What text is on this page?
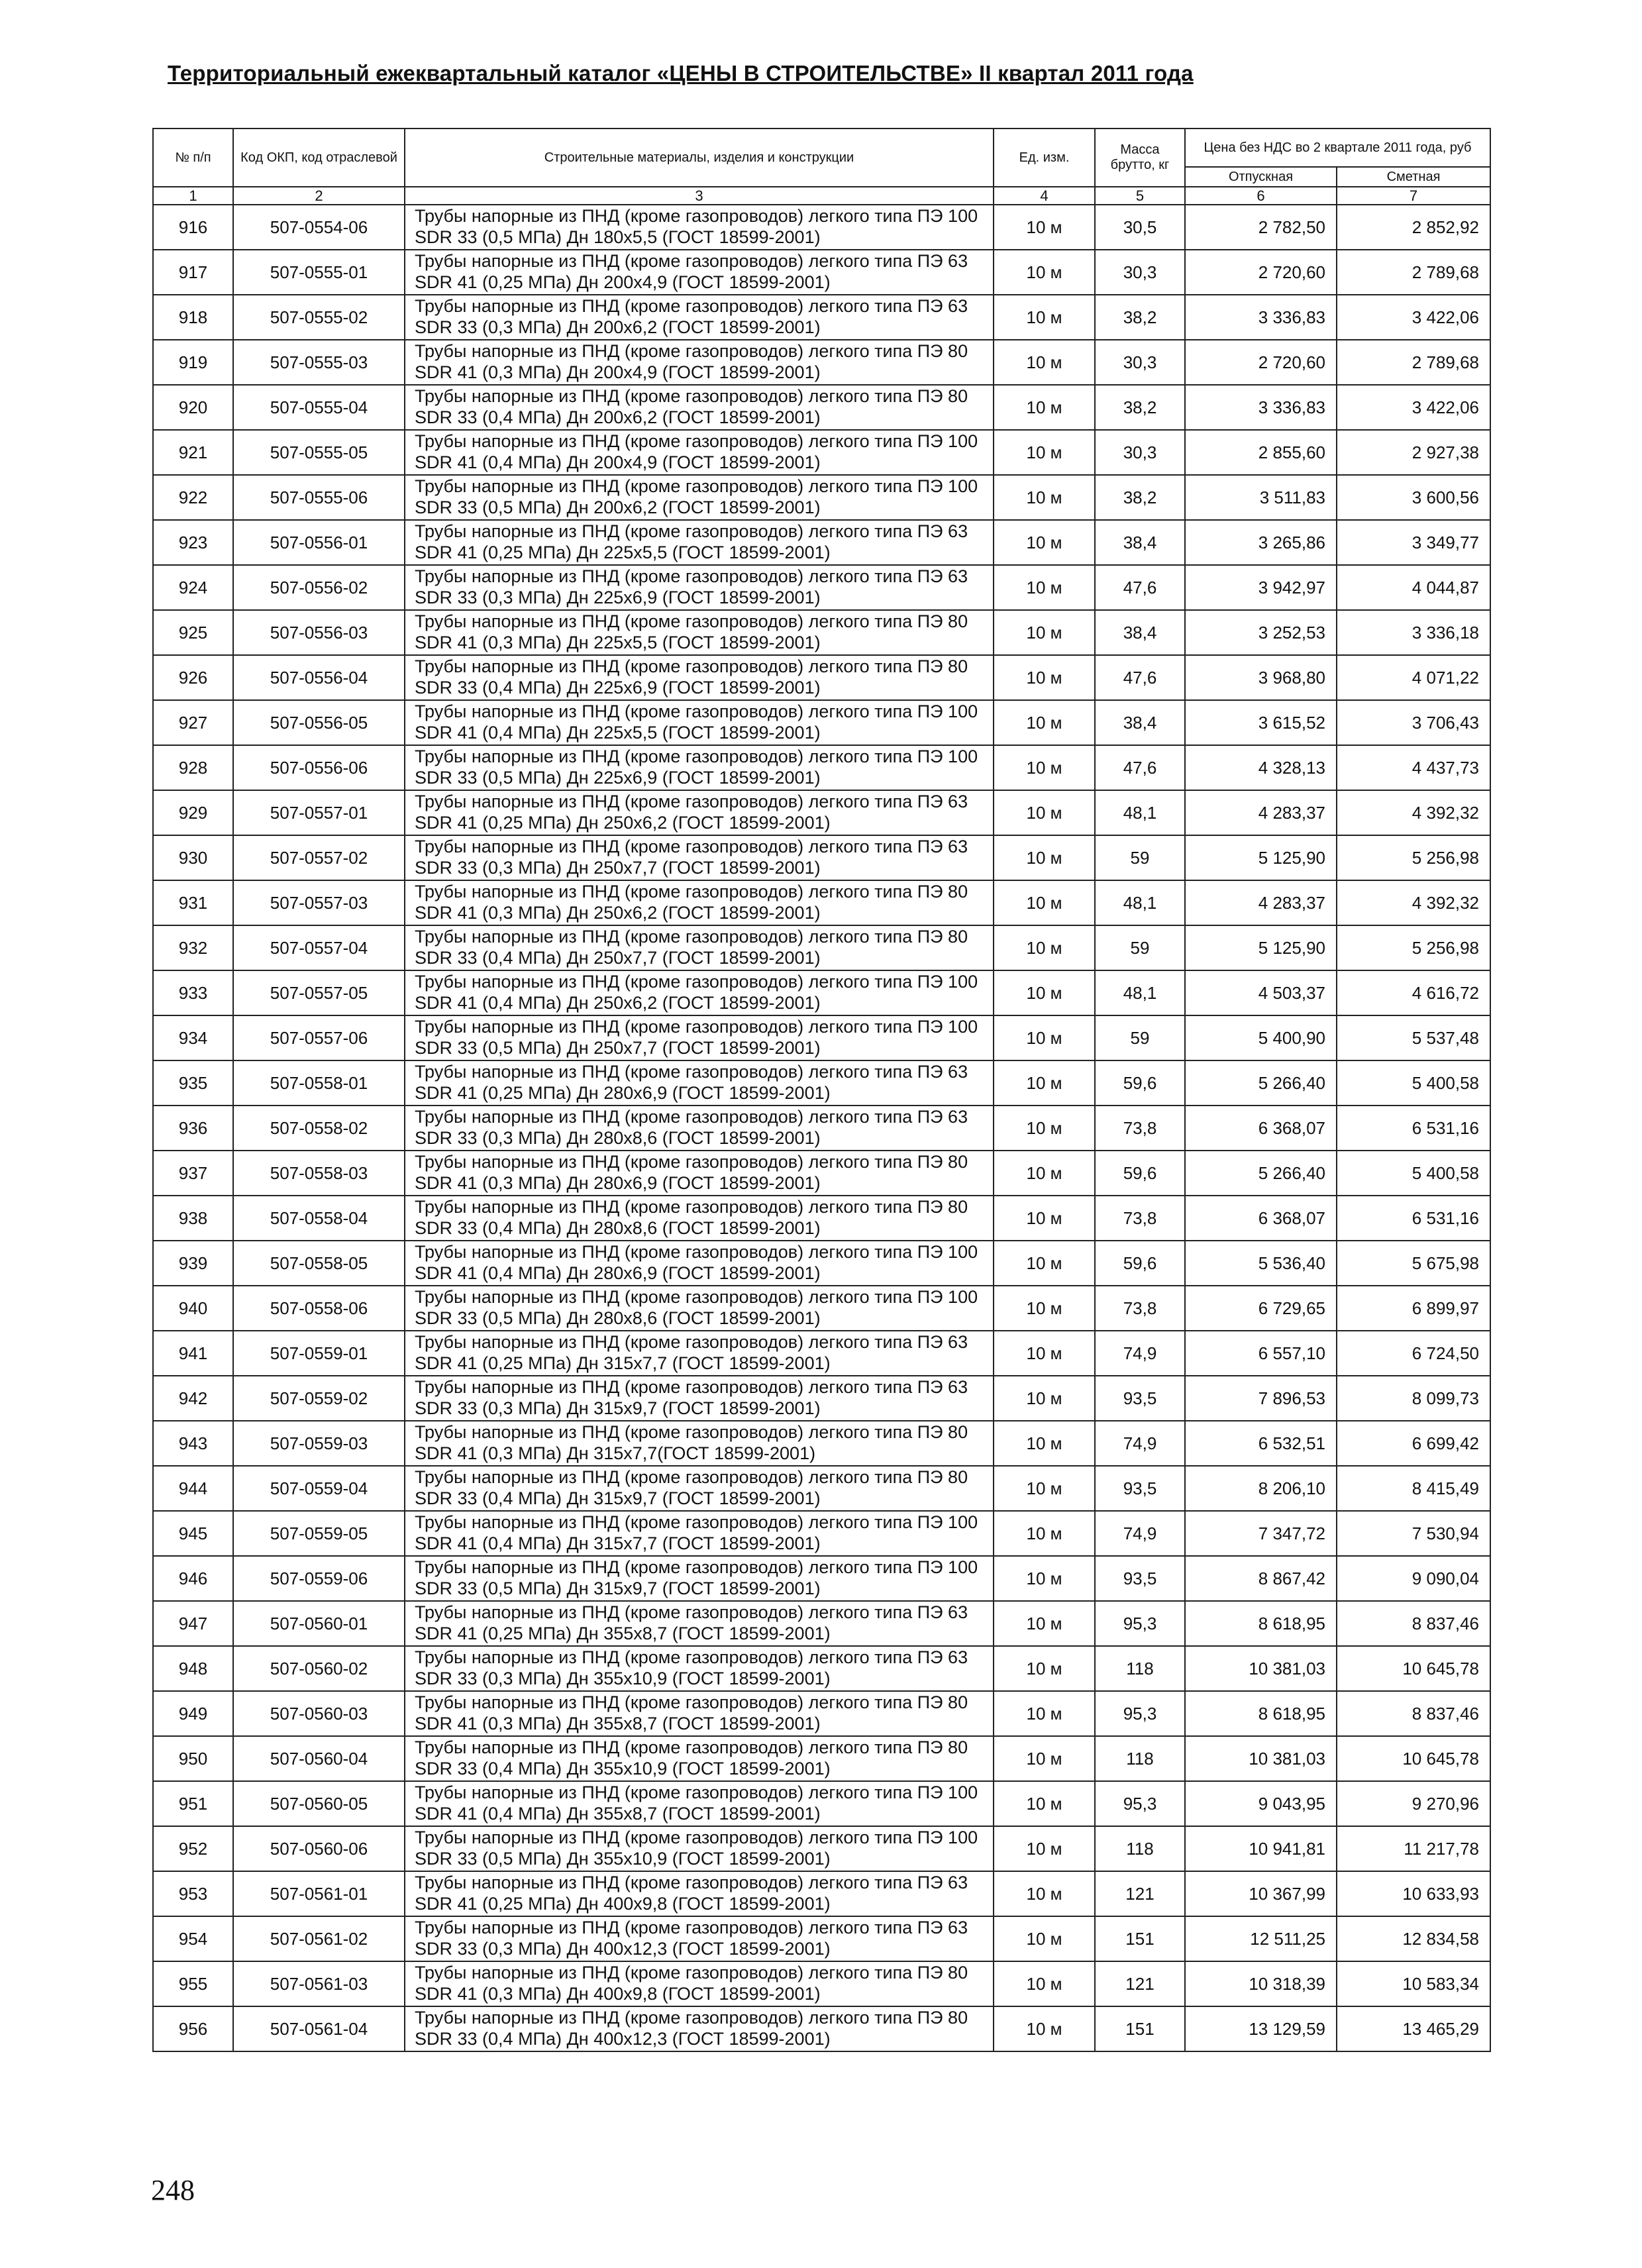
Территориальный ежеквартальный каталог «ЦЕНЫ В СТРОИТЕЛЬСТВЕ» II квартал 2011 года
№ п/п	Код ОКП, код отраслевой	Строительные материалы, изделия и конструкции	Ед. изм.	Масса брутто, кг	Цена без НДС во 2 квартале 2011 года, руб	
					Отпускная	Сметная
1	2	3	4	5	6	7
916	507-0554-06	Трубы напорные из ПНД (кроме газопроводов) легкого типа ПЭ 100 SDR 33 (0,5 МПа) Дн 180х5,5 (ГОСТ 18599-2001)	10 м	30,5	2 782,50	2 852,92
917	507-0555-01	Трубы напорные из ПНД (кроме газопроводов) легкого типа ПЭ 63 SDR 41 (0,25 МПа) Дн 200х4,9 (ГОСТ 18599-2001)	10 м	30,3	2 720,60	2 789,68
918	507-0555-02	Трубы напорные из ПНД (кроме газопроводов) легкого типа ПЭ 63 SDR 33 (0,3 МПа) Дн 200х6,2 (ГОСТ 18599-2001)	10 м	38,2	3 336,83	3 422,06
919	507-0555-03	Трубы напорные из ПНД (кроме газопроводов) легкого типа ПЭ 80 SDR 41 (0,3 МПа) Дн 200х4,9 (ГОСТ 18599-2001)	10 м	30,3	2 720,60	2 789,68
920	507-0555-04	Трубы напорные из ПНД (кроме газопроводов) легкого типа ПЭ 80 SDR 33 (0,4 МПа) Дн 200х6,2 (ГОСТ 18599-2001)	10 м	38,2	3 336,83	3 422,06
921	507-0555-05	Трубы напорные из ПНД (кроме газопроводов) легкого типа ПЭ 100 SDR 41 (0,4 МПа) Дн 200х4,9 (ГОСТ 18599-2001)	10 м	30,3	2 855,60	2 927,38
922	507-0555-06	Трубы напорные из ПНД (кроме газопроводов) легкого типа ПЭ 100 SDR 33 (0,5 МПа) Дн 200х6,2 (ГОСТ 18599-2001)	10 м	38,2	3 511,83	3 600,56
923	507-0556-01	Трубы напорные из ПНД (кроме газопроводов) легкого типа ПЭ 63 SDR 41 (0,25 МПа) Дн 225х5,5 (ГОСТ 18599-2001)	10 м	38,4	3 265,86	3 349,77
924	507-0556-02	Трубы напорные из ПНД (кроме газопроводов) легкого типа ПЭ 63 SDR 33 (0,3 МПа) Дн 225х6,9 (ГОСТ 18599-2001)	10 м	47,6	3 942,97	4 044,87
925	507-0556-03	Трубы напорные из ПНД (кроме газопроводов) легкого типа ПЭ 80 SDR 41 (0,3 МПа) Дн 225х5,5 (ГОСТ 18599-2001)	10 м	38,4	3 252,53	3 336,18
926	507-0556-04	Трубы напорные из ПНД (кроме газопроводов) легкого типа ПЭ 80 SDR 33 (0,4 МПа) Дн 225х6,9 (ГОСТ 18599-2001)	10 м	47,6	3 968,80	4 071,22
927	507-0556-05	Трубы напорные из ПНД (кроме газопроводов) легкого типа ПЭ 100 SDR 41 (0,4 МПа) Дн 225х5,5 (ГОСТ 18599-2001)	10 м	38,4	3 615,52	3 706,43
928	507-0556-06	Трубы напорные из ПНД (кроме газопроводов) легкого типа ПЭ 100 SDR 33 (0,5 МПа) Дн 225х6,9 (ГОСТ 18599-2001)	10 м	47,6	4 328,13	4 437,73
929	507-0557-01	Трубы напорные из ПНД (кроме газопроводов) легкого типа ПЭ 63 SDR 41 (0,25 МПа) Дн 250х6,2 (ГОСТ 18599-2001)	10 м	48,1	4 283,37	4 392,32
930	507-0557-02	Трубы напорные из ПНД (кроме газопроводов) легкого типа ПЭ 63 SDR 33 (0,3 МПа) Дн 250х7,7 (ГОСТ 18599-2001)	10 м	59	5 125,90	5 256,98
931	507-0557-03	Трубы напорные из ПНД (кроме газопроводов) легкого типа ПЭ 80 SDR 41 (0,3 МПа) Дн 250х6,2 (ГОСТ 18599-2001)	10 м	48,1	4 283,37	4 392,32
932	507-0557-04	Трубы напорные из ПНД (кроме газопроводов) легкого типа ПЭ 80 SDR 33 (0,4 МПа) Дн 250х7,7 (ГОСТ 18599-2001)	10 м	59	5 125,90	5 256,98
933	507-0557-05	Трубы напорные из ПНД (кроме газопроводов) легкого типа ПЭ 100 SDR 41 (0,4 МПа) Дн 250х6,2 (ГОСТ 18599-2001)	10 м	48,1	4 503,37	4 616,72
934	507-0557-06	Трубы напорные из ПНД (кроме газопроводов) легкого типа ПЭ 100 SDR 33 (0,5 МПа) Дн 250х7,7 (ГОСТ 18599-2001)	10 м	59	5 400,90	5 537,48
935	507-0558-01	Трубы напорные из ПНД (кроме газопроводов) легкого типа ПЭ 63 SDR 41 (0,25 МПа) Дн 280х6,9 (ГОСТ 18599-2001)	10 м	59,6	5 266,40	5 400,58
936	507-0558-02	Трубы напорные из ПНД (кроме газопроводов) легкого типа ПЭ 63 SDR 33 (0,3 МПа) Дн 280х8,6 (ГОСТ 18599-2001)	10 м	73,8	6 368,07	6 531,16
937	507-0558-03	Трубы напорные из ПНД (кроме газопроводов) легкого типа ПЭ 80 SDR 41 (0,3 МПа) Дн 280х6,9 (ГОСТ 18599-2001)	10 м	59,6	5 266,40	5 400,58
938	507-0558-04	Трубы напорные из ПНД (кроме газопроводов) легкого типа ПЭ 80 SDR 33 (0,4 МПа) Дн 280х8,6 (ГОСТ 18599-2001)	10 м	73,8	6 368,07	6 531,16
939	507-0558-05	Трубы напорные из ПНД (кроме газопроводов) легкого типа ПЭ 100 SDR 41 (0,4 МПа) Дн 280х6,9 (ГОСТ 18599-2001)	10 м	59,6	5 536,40	5 675,98
940	507-0558-06	Трубы напорные из ПНД (кроме газопроводов) легкого типа ПЭ 100 SDR 33 (0,5 МПа) Дн 280х8,6 (ГОСТ 18599-2001)	10 м	73,8	6 729,65	6 899,97
941	507-0559-01	Трубы напорные из ПНД (кроме газопроводов) легкого типа ПЭ 63 SDR 41 (0,25 МПа) Дн 315х7,7 (ГОСТ 18599-2001)	10 м	74,9	6 557,10	6 724,50
942	507-0559-02	Трубы напорные из ПНД (кроме газопроводов) легкого типа ПЭ 63 SDR 33 (0,3 МПа) Дн 315х9,7 (ГОСТ 18599-2001)	10 м	93,5	7 896,53	8 099,73
943	507-0559-03	Трубы напорные из ПНД (кроме газопроводов) легкого типа ПЭ 80 SDR 41 (0,3 МПа) Дн 315х7,7(ГОСТ 18599-2001)	10 м	74,9	6 532,51	6 699,42
944	507-0559-04	Трубы напорные из ПНД (кроме газопроводов) легкого типа ПЭ 80 SDR 33 (0,4 МПа) Дн 315х9,7 (ГОСТ 18599-2001)	10 м	93,5	8 206,10	8 415,49
945	507-0559-05	Трубы напорные из ПНД (кроме газопроводов) легкого типа ПЭ 100 SDR 41 (0,4 МПа) Дн 315х7,7 (ГОСТ 18599-2001)	10 м	74,9	7 347,72	7 530,94
946	507-0559-06	Трубы напорные из ПНД (кроме газопроводов) легкого типа ПЭ 100 SDR 33 (0,5 МПа) Дн 315х9,7 (ГОСТ 18599-2001)	10 м	93,5	8 867,42	9 090,04
947	507-0560-01	Трубы напорные из ПНД (кроме газопроводов) легкого типа ПЭ 63 SDR 41 (0,25 МПа) Дн 355х8,7 (ГОСТ 18599-2001)	10 м	95,3	8 618,95	8 837,46
948	507-0560-02	Трубы напорные из ПНД (кроме газопроводов) легкого типа ПЭ 63 SDR 33 (0,3 МПа) Дн 355х10,9 (ГОСТ 18599-2001)	10 м	118	10 381,03	10 645,78
949	507-0560-03	Трубы напорные из ПНД (кроме газопроводов) легкого типа ПЭ 80 SDR 41 (0,3 МПа) Дн 355х8,7 (ГОСТ 18599-2001)	10 м	95,3	8 618,95	8 837,46
950	507-0560-04	Трубы напорные из ПНД (кроме газопроводов) легкого типа ПЭ 80 SDR 33 (0,4 МПа) Дн 355х10,9 (ГОСТ 18599-2001)	10 м	118	10 381,03	10 645,78
951	507-0560-05	Трубы напорные из ПНД (кроме газопроводов) легкого типа ПЭ 100 SDR 41 (0,4 МПа) Дн 355х8,7 (ГОСТ 18599-2001)	10 м	95,3	9 043,95	9 270,96
952	507-0560-06	Трубы напорные из ПНД (кроме газопроводов) легкого типа ПЭ 100 SDR 33 (0,5 МПа) Дн 355х10,9 (ГОСТ 18599-2001)	10 м	118	10 941,81	11 217,78
953	507-0561-01	Трубы напорные из ПНД (кроме газопроводов) легкого типа ПЭ 63 SDR 41 (0,25 МПа) Дн 400х9,8 (ГОСТ 18599-2001)	10 м	121	10 367,99	10 633,93
954	507-0561-02	Трубы напорные из ПНД (кроме газопроводов) легкого типа ПЭ 63 SDR 33 (0,3 МПа) Дн 400х12,3 (ГОСТ 18599-2001)	10 м	151	12 511,25	12 834,58
955	507-0561-03	Трубы напорные из ПНД (кроме газопроводов) легкого типа ПЭ 80 SDR 41 (0,3 МПа) Дн 400х9,8 (ГОСТ 18599-2001)	10 м	121	10 318,39	10 583,34
956	507-0561-04	Трубы напорные из ПНД (кроме газопроводов) легкого типа ПЭ 80 SDR 33 (0,4 МПа) Дн 400х12,3 (ГОСТ 18599-2001)	10 м	151	13 129,59	13 465,29
248
